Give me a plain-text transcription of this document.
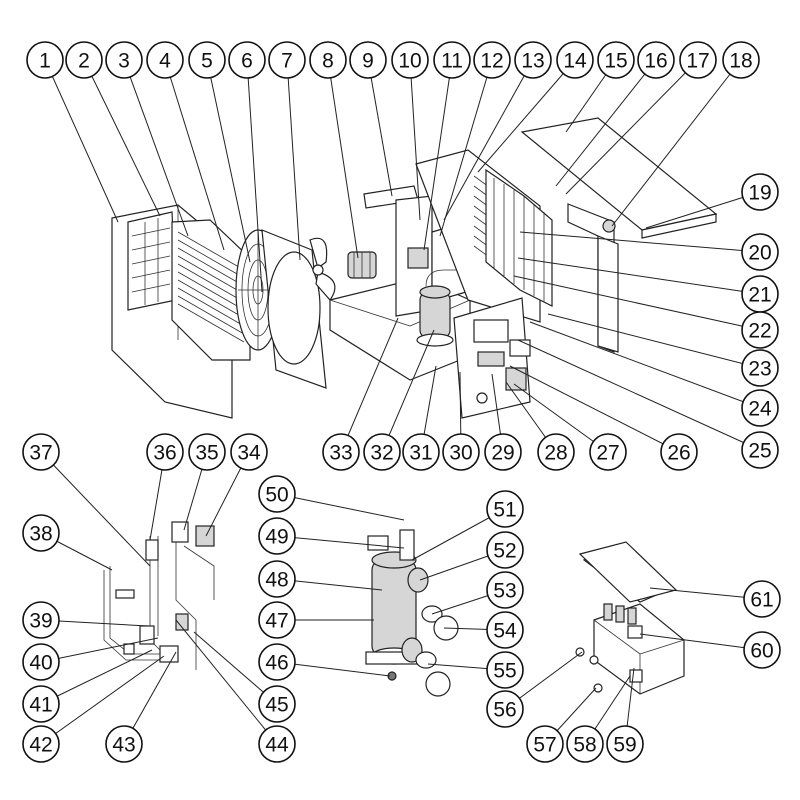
1 2 3 4 5 6 7 8 9 10 11 12 13 14 15 16 17 18
19
20
21
22
23
24
25
26
27
28
29
30
31
32
33
34
35
36
37
38
39
40
41
42	43	44
45
46
47
48
49
50
51
52
53
54
55
56
57 58 59
60
61
